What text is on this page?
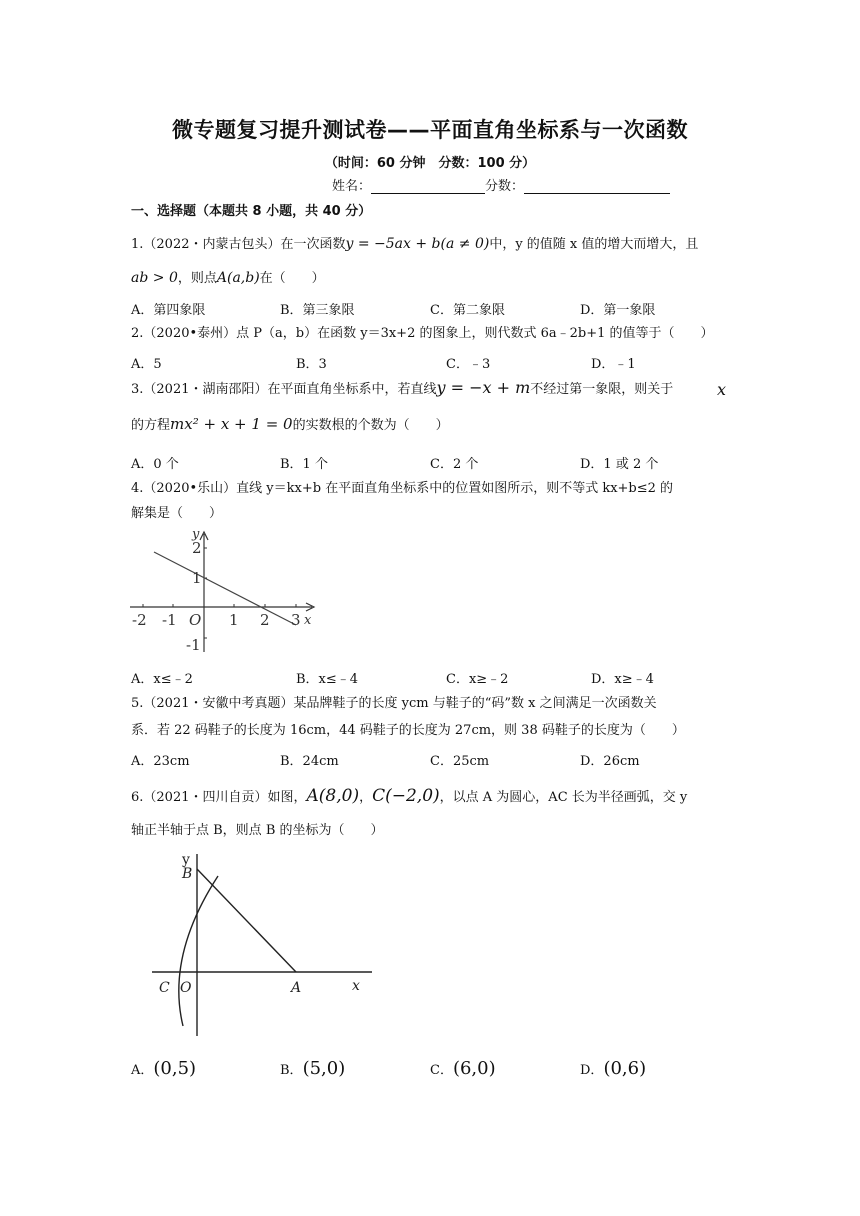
微专题复习提升测试卷——平面直角坐标系与一次函数
（时间：60 分钟　分数：100 分）
姓名：	分数：
一、选择题（本题共 8 小题，共 40 分）
1.（2022・内蒙古包头）在一次函数y = −5ax + b(a ≠ 0)中，y 的值随 x 值的增大而增大，且
ab > 0，则点A(a,b)在（　　）
A．第四象限	B．第三象限	C．第二象限	D．第一象限
2.（2020•泰州）点 P（a，b）在函数 y＝3x+2 的图象上，则代数式 6a﹣2b+1 的值等于（　　）
A．5	B．3	C．﹣3	D．﹣1
3.（2021・湖南邵阳）在平面直角坐标系中，若直线y = −x + m不经过第一象限，则关于	x
的方程mx² + x + 1 = 0的实数根的个数为（　　）
A．0 个	B．1 个	C．2 个	D．1 或 2 个
4.（2020•乐山）直线 y＝kx+b 在平面直角坐标系中的位置如图所示，则不等式 kx+b≤2 的
解集是（　　）
-2 -1 O 1 2 3
2
1
-1
x
y
A．x≤﹣2	B．x≤﹣4	C．x≥﹣2	D．x≥﹣4
5.（2021・安徽中考真题）某品牌鞋子的长度 ycm 与鞋子的“码”数 x 之间满足一次函数关
系．若 22 码鞋子的长度为 16cm，44 码鞋子的长度为 27cm，则 38 码鞋子的长度为（　　）
A．23cm	B．24cm	C．25cm	D．26cm
6.（2021・四川自贡）如图，A(8,0)，C(−2,0)，以点 A 为圆心，AC 长为半径画弧，交 y
轴正半轴于点 B，则点 B 的坐标为（　　）
y
B
C O	A	x
A．(0,5)	B．(5,0)	C．(6,0)	D．(0,6)
